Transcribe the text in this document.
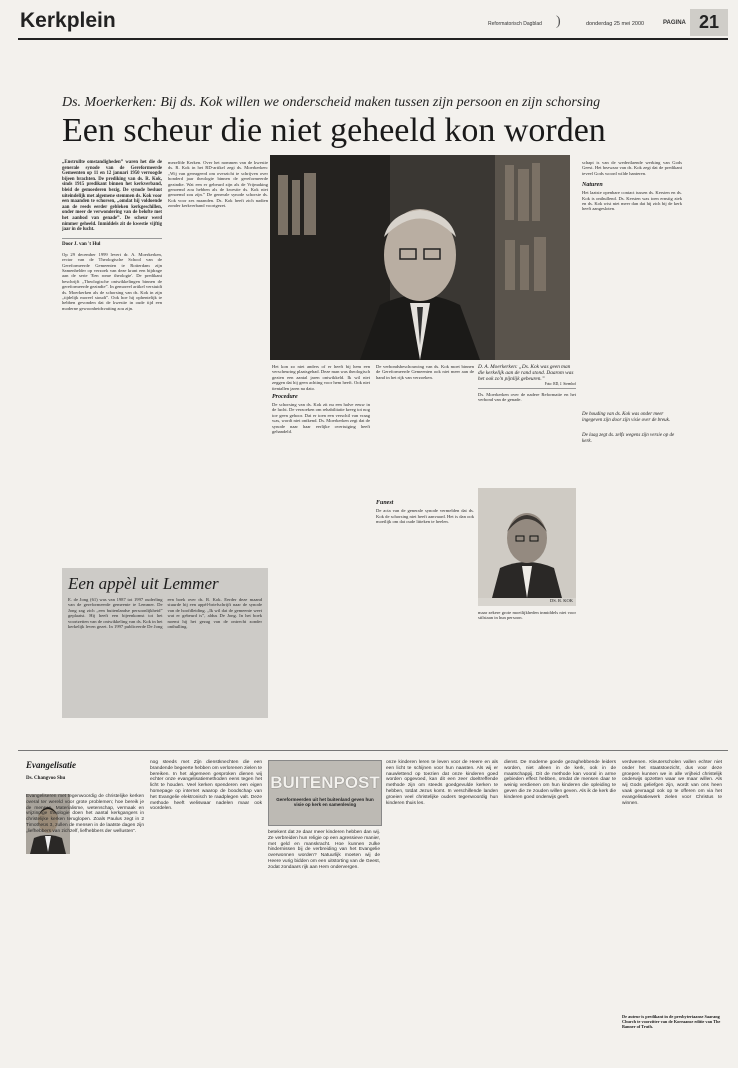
Kerkplein	Reformatorisch Dagblad )	donderdag 25 mei 2000	PAGINA 21
Ds. Moerkerken: Bij ds. Kok willen we onderscheid maken tussen zijn persoon en zijn schorsing
Een scheur die niet geheeld kon worden
„Enstrullte omstandigheden” waren het die de generale synode van de Gereformeerde Gemeenten op 11 en 12 januari 1950 verroogde bijeen brachten. De prediking van ds. R. Kok, sinds 1915 predikant binnen het kerkverband, bleid de gemoederen bezig. De synode besluot uiteindelijk met algemene stemmen ds. Kok voor een maanden te schorsen, „omdat hij voldoende aan de reeds eerder gebleken kerkgeschillen, onder meer de verwondering van de belofte met het aanbod van genade”. De scheur werd nimmer geheeld. Inmiddels zit de kwestie vijftig jaar in de lucht.
Door J. van 't Hul
Op 29 december 1999 levert dr. A. Moerkerken, rector van de Theologische School van de Gereformeerde Gemeenten te Rotterdam zijn Samenhelder op verzoek van deze krant een bijdrage aan de serie 'Een rome theologie'. De predikant beschrijft „Theologische ontwikkelingen binnen de gereformeerde gezindte”. In gemoreel artikel verstuidt ds. Moerkerken als de schorsing van ds. Kok in zijn „tijdelijk moreel stoudt”. Ook hoe hij ophentelijk te hebben gevonden dat de kwestie in oude tijd een moderne gewoonheidsvatting zou zijn.
mezelfde Kerken. Over het nommen van de kwestie ds. R. Kok in het RD-artikel zegt ds. Moerkerken: „Wij van gereageerd om overzicht te schrijven over honderd jaar theologie binnen de gereformeerde gezindte. Wat een er gebeurd zijn als de Vrijmaking genoemd zou hebben als de kwestie ds. Kok niet genoemd zou zijn.” De generale synode schorste ds. Kok voor zes maanden. Ds. Kok heeft zich nadien zonder kerkverband voortgezet.
Het kon zo niet anders of er heeft bij hem een verscheuring plaatsgehad. Deze man was theologisch gezien een aantal jaren ontwikkeld. Ik wil niet zeggen dat hij geen achting voor hem heeft. Ook niet tientallen jaren na dato.
Procedure
De schorsing van ds. Kok zit nu een halve eeuw in de lucht. De verzoeken om rehabilitatie kreeg tot nog toe geen gehoor. Dat er toen een verschil van vraag was, wordt niet ontkend. Ds. Moerkerken zegt dat de synode naar haar eerlijke overtuiging heeft gehandeld.
De verbondsbeschouwing van ds. Kok moet binnen de Gereformeerde Gemeenten ook niet meer aan de hand in het rijk van verzoeken.
Funest
De acta van de generale synode vermelden dat ds. Kok de schorsing niet heeft aanvaard. Het is dan ook moeilijk om dat oude litteken te heelen.
D. A. Moerkerken: „Ds. Kok was geen man die kerkelijk aan de rand stond. Daarom was het ook zo'n pijnlijk gebeuren.”
Foto: RD, J. Steenhof
Ds. Moerkerken over de nadere Reformatie en het verbond van de genade.
DS. R. KOK
maar zekere grote moeilijkheden inmiddels niet voor stilstaan in hun persoon.
schapt is van de wedertlaende werking van Gods Geest. Het bezwaar van ds. Kok zegt dat de predikant teveel Gods woord wilde hanteren.
Naturen
Het laatste openbare contact tussen ds. Kersten en ds. Kok is onthullend. Ds. Kersten was toen ernstig ziek en ds. Kok wist niet meer dan dat hij zich bij de kerk heeft aangesloten.
De houding van ds. Kok was onder meer ingegeven zijn door zijn visie over de breuk.
De laag zegt ds. zelfs wegens zijn versie op de kerk.
Een appèl uit Lemmer
E. de Jong (61) was van 1987 tot 1997 ouderling van de gereformeerde gemeente te Lemmer. De Jong zag zich „een buitenlandse persoonlijkheid” geplaatst. Hij heeft een bijeenkomst tot het voortzetten van de ontwikkeling van ds. Kok in het kerkelijk leven gezet. In 1997 publiceerde De Jong een boek over ds. R. Kok. Eerder deze maand stuurde hij een appèl-briefschrijft naar de synode van de hoofdleiding. „Ik wil dat de gemeente weet wat er gebeurd is”, aldus De Jong. In het boek noemt hij het gezag van de ontrecht zonder onthulling.
Evangelisatie
Ds. Changvoo Shu
Evangeliseren met tegenwoordig de christelijke kerken overal ter wereld voor grote problemen; hoe bereik je de mensen. Materialisme, wetenschap, vermaak en vrijzinnige theologie doen het aantal kerkgangers in christelijke kerken teruglopen. Zoals Paulus zegt in 2 Timotheüs 3, zullen de mensen in de laatste dagen zijn „liefhebbers van zichzelf, liefhebbers der wellusten”.
nog steeds met Zijn dienstknechten die een brandende begeerte hebben om verlorenen zielen te bereiken. In het algemeen gesproken dienen wij echter onze evangelisatiemethoden eens tegen het licht te houden. Veel kerken spenderen een eigen homepage op internet waarop de boodschap van het Evangelie elektronisch te raadplegen valt. Deze methode heeft weliswaar nadelen maar ook voordelen.
BUITENPOST
Gereformeerden uit het buitenland geven hun visie op kerk en samenleving
betekent dat ze daar meer kinderen hebben dan wij. Ze verbreiden hun religie op een agressieve manier, met geld en manskracht. Hoe kunnen zulke hindernissen bij de verbreiding van het Evangelie overwonnen worden? Natuurlijk moeten wij de Heere vurig bidden om een uitstorting van de Geest, zodat zondaars rijk aan Hem ondervergen.
onze kinderen leren te leven voor de Heere en als een licht te schijnen voor hun naasten. Als wij er nauwlettend op toezien dat onze kinderen goed worden opgevoed, kan dit een zeer doeltreffende methode zijn om steeds goedgevulde kerken te hebben, totdat Jezus komt. In verschillende landen groeien veel christelijke ouders tegenwoordig hun kinderen thuis les.
dienst. De moderne goede gezaghebbende leiders worden, niet alleen in de kerk, ook in de maatschappij. Dit de methode kan vooral in arme gebieden effect hebben, omdat de mensen daar te weinig verdienen om hun kinderen die opleiding te geven die ze zouden willen geven. Als ik de kerk die kinderen goed onderwijs geeft.
verdwenen. Kleuterscholen vallen echter niet onder het staatstoezicht, dus voor deze groepen kunnen we in alle vrijheid christelijk onderwijs opzetten waar we maar willen. Als wij Gods geliefgen zijn, wordt van ons heen vaak gevraagd ook op te offeren om via het evangelisatiewerk zielen voor Christus te winnen.
De auteur is predikant in de presbyteriaanse Saarang Church te voorzitter van de Koreaanse editie van The Banner of Truth.
